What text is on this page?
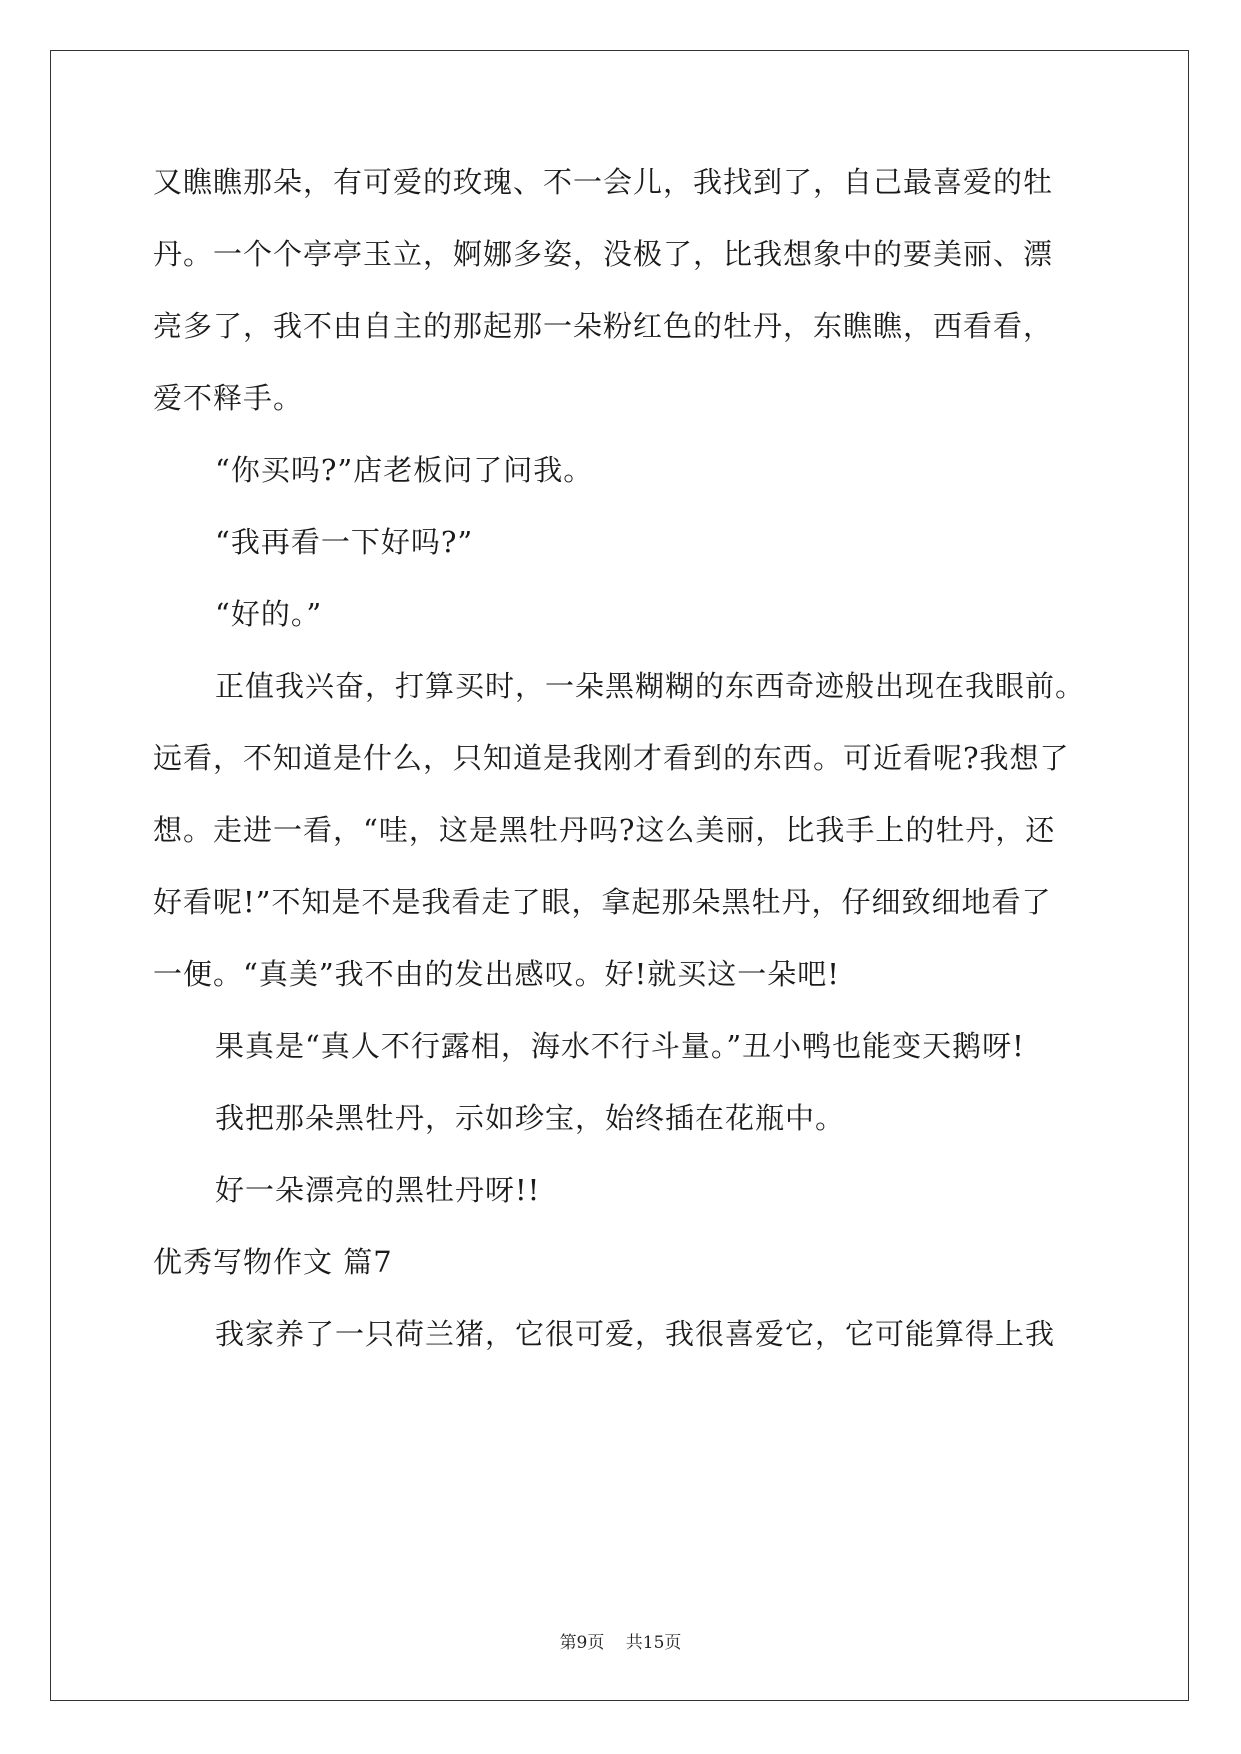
又瞧瞧那朵，有可爱的玫瑰、不一会儿，我找到了，自己最喜爱的牡
丹。一个个亭亭玉立，婀娜多姿，没极了，比我想象中的要美丽、漂
亮多了，我不由自主的那起那一朵粉红色的牡丹，东瞧瞧，西看看，
爱不释手。
“你买吗?”店老板问了问我。
“我再看一下好吗?”
“好的。”
正值我兴奋，打算买时，一朵黑糊糊的东西奇迹般出现在我眼前。
远看，不知道是什么，只知道是我刚才看到的东西。可近看呢?我想了
想。走进一看，“哇，这是黑牡丹吗?这么美丽，比我手上的牡丹，还
好看呢!”不知是不是我看走了眼，拿起那朵黑牡丹，仔细致细地看了
一便。“真美”我不由的发出感叹。好!就买这一朵吧!
果真是“真人不行露相，海水不行斗量。”丑小鸭也能变天鹅呀!
我把那朵黑牡丹，示如珍宝，始终插在花瓶中。
好一朵漂亮的黑牡丹呀!!
优秀写物作文 篇7
我家养了一只荷兰猪，它很可爱，我很喜爱它，它可能算得上我
第9页 共15页
